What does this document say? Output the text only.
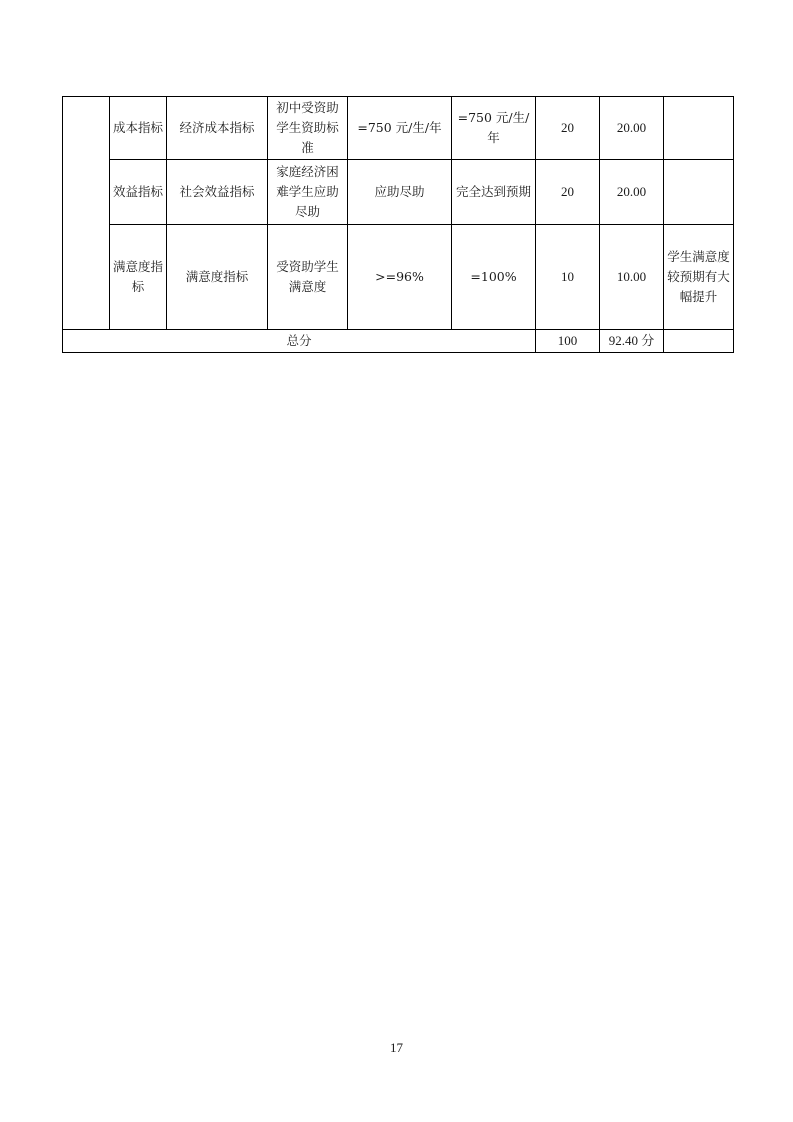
	成本指标	经济成本指标	初中受资助学生资助标准	=750 元/生/年	=750 元/生/年	20	20.00	
	效益指标	社会效益指标	家庭经济困难学生应助尽助	应助尽助	完全达到预期	20	20.00	
	满意度指标	满意度指标	受资助学生满意度	>=96%	=100%	10	10.00	学生满意度较预期有大幅提升
总分						100	92.40 分	
17
